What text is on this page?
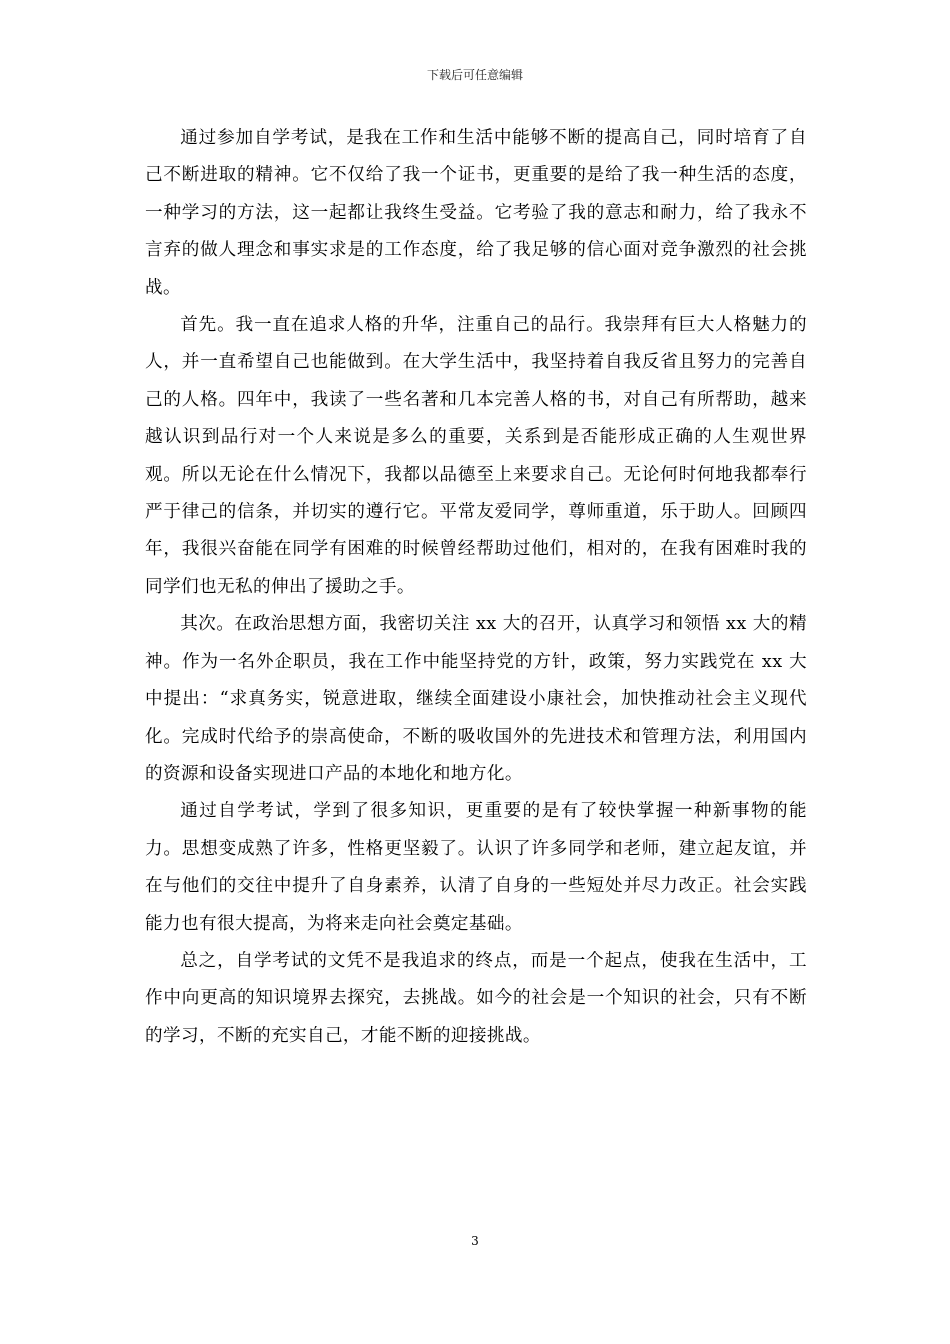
下载后可任意编辑

通过参加自学考试，是我在工作和生活中能够不断的提高自己，同时培育了自己不断进取的精神。它不仅给了我一个证书，更重要的是给了我一种生活的态度，一种学习的方法，这一起都让我终生受益。它考验了我的意志和耐力，给了我永不言弃的做人理念和事实求是的工作态度，给了我足够的信心面对竞争激烈的社会挑战。

首先。我一直在追求人格的升华，注重自己的品行。我崇拜有巨大人格魅力的人，并一直希望自己也能做到。在大学生活中，我坚持着自我反省且努力的完善自己的人格。四年中，我读了一些名著和几本完善人格的书，对自己有所帮助，越来越认识到品行对一个人来说是多么的重要，关系到是否能形成正确的人生观世界观。所以无论在什么情况下，我都以品德至上来要求自己。无论何时何地我都奉行严于律己的信条，并切实的遵行它。平常友爱同学，尊师重道，乐于助人。回顾四年，我很兴奋能在同学有困难的时候曾经帮助过他们，相对的，在我有困难时我的同学们也无私的伸出了援助之手。

其次。在政治思想方面，我密切关注 xx 大的召开，认真学习和领悟 xx 大的精神。作为一名外企职员，我在工作中能坚持党的方针，政策，努力实践党在 xx 大中提出：“求真务实，锐意进取，继续全面建设小康社会，加快推动社会主义现代化。完成时代给予的崇高使命，不断的吸收国外的先进技术和管理方法，利用国内的资源和设备实现进口产品的本地化和地方化。

通过自学考试，学到了很多知识，更重要的是有了较快掌握一种新事物的能力。思想变成熟了许多，性格更坚毅了。认识了许多同学和老师，建立起友谊，并在与他们的交往中提升了自身素养，认清了自身的一些短处并尽力改正。社会实践能力也有很大提高，为将来走向社会奠定基础。

总之，自学考试的文凭不是我追求的终点，而是一个起点，使我在生活中，工作中向更高的知识境界去探究，去挑战。如今的社会是一个知识的社会，只有不断的学习，不断的充实自己，才能不断的迎接挑战。

3
